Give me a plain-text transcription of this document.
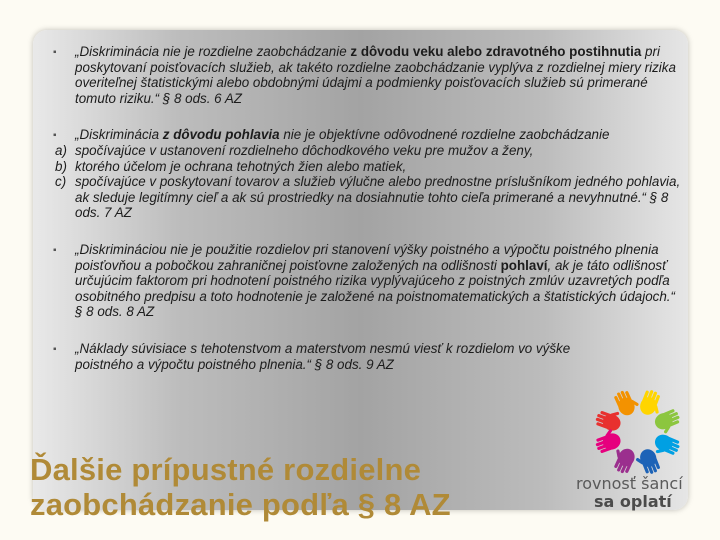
▪ „Diskriminácia nie je rozdielne zaobchádzanie z dôvodu veku alebo zdravotného postihnutia pri poskytovaní poisťovacích služieb, ak takéto rozdielne zaobchádzanie vyplýva z rozdielnej miery rizika overiteľnej štatistickými alebo obdobnými údajmi a podmienky poisťovacích služieb sú primerané tomuto riziku.“ § 8 ods. 6 AZ
▪ „Diskriminácia z dôvodu pohlavia nie je objektívne odôvodnené rozdielne zaobchádzanie
a) spočívajúce v ustanovení rozdielneho dôchodkového veku pre mužov a ženy,
b) ktorého účelom je ochrana tehotných žien alebo matiek,
c) spočívajúce v poskytovaní tovarov a služieb výlučne alebo prednostne príslušníkom jedného pohlavia, ak sleduje legitímny cieľ a ak sú prostriedky na dosiahnutie tohto cieľa primerané a nevyhnutné.“ § 8 ods. 7 AZ
▪ „Diskrimináciou nie je použitie rozdielov pri stanovení výšky poistného a výpočtu poistného plnenia poisťovňou a pobočkou zahraničnej poisťovne založených na odlišnosti pohlaví, ak je táto odlišnosť určujúcim faktorom pri hodnotení poistného rizika vyplývajúceho z poistných zmlúv uzavretých podľa osobitného predpisu a toto hodnotenie je založené na poistnomatematických a štatistických údajoch.“ § 8 ods. 8 AZ
▪ „Náklady súvisiace s tehotenstvom a materstvom nesmú viesť k rozdielom vo výške poistného a výpočtu poistného plnenia.“ § 8 ods. 9 AZ
Ďalšie prípustné rozdielne
zaobchádzanie podľa § 8 AZ
rovnosť šancí
sa oplatí
